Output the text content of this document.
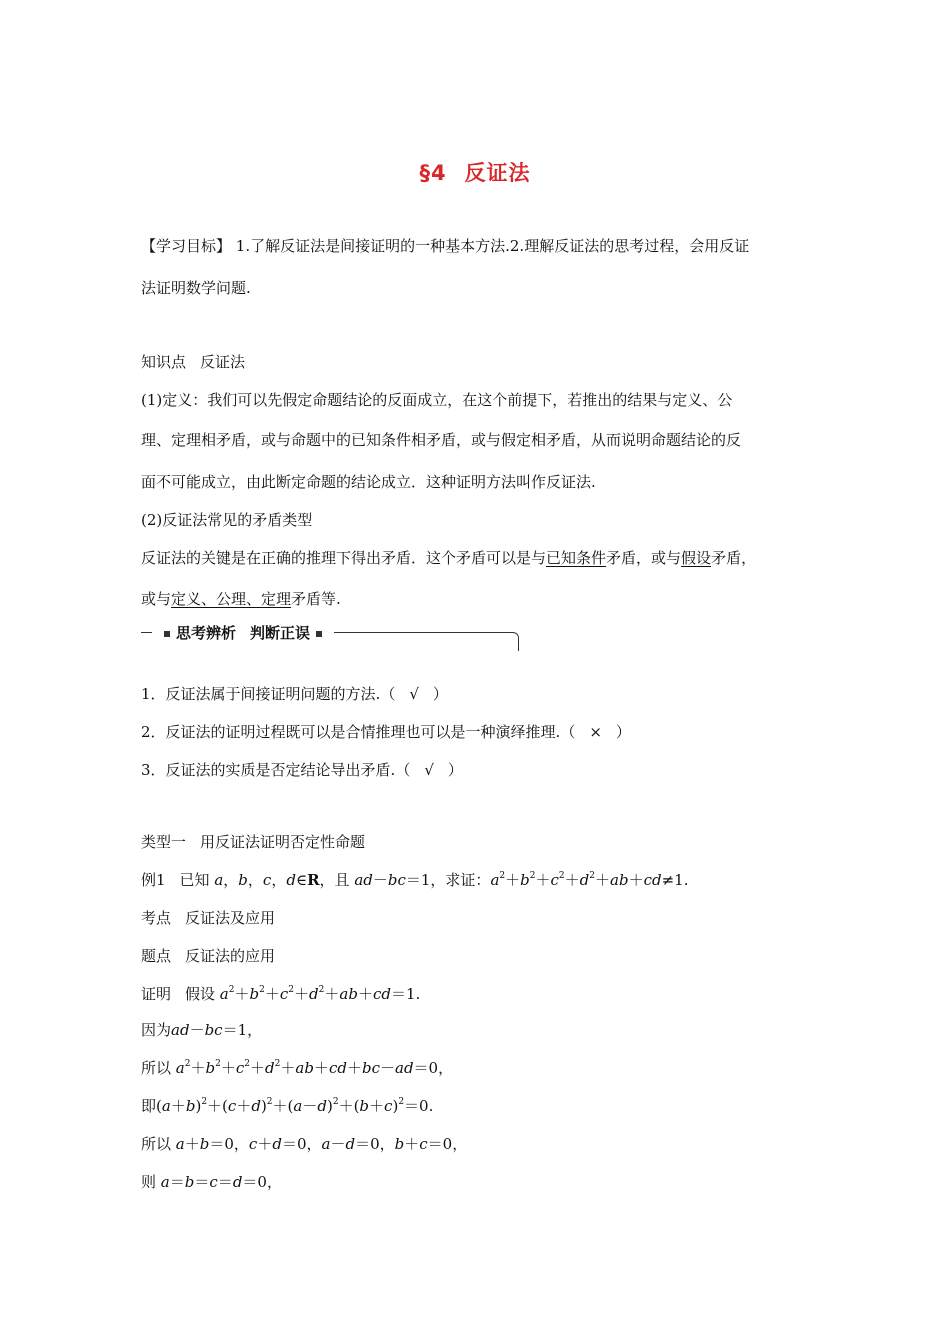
§4 反证法
【学习目标】 1.了解反证法是间接证明的一种基本方法.2.理解反证法的思考过程，会用反证
法证明数学问题.
知识点 反证法
(1)定义：我们可以先假定命题结论的反面成立，在这个前提下，若推出的结果与定义、公
理、定理相矛盾，或与命题中的已知条件相矛盾，或与假定相矛盾，从而说明命题结论的反
面不可能成立，由此断定命题的结论成立．这种证明方法叫作反证法.
(2)反证法常见的矛盾类型
反证法的关键是在正确的推理下得出矛盾．这个矛盾可以是与已知条件矛盾，或与假设矛盾，
或与定义、公理、定理矛盾等.
思考辨析 判断正误
1．反证法属于间接证明问题的方法.（ √ ）
2．反证法的证明过程既可以是合情推理也可以是一种演绎推理.（ × ）
3．反证法的实质是否定结论导出矛盾.（ √ ）
类型一 用反证法证明否定性命题
例1 已知 a，b，c，d∈R，且 ad－bc＝1，求证：$a^2+b^2+c^2+d^2+ab+cd\ne 1$.
考点 反证法及应用
题点 反证法的应用
证明 假设 $a^2+b^2+c^2+d^2+ab+cd=1$.
因为ad－bc＝1，
所以 $a^2+b^2+c^2+d^2+ab+cd+bc-ad=0$，
即$(a+b)^2+(c+d)^2+(a-d)^2+(b+c)^2=0$.
所以 a＋b＝0，c＋d＝0，a－d＝0，b＋c＝0，
则 a＝b＝c＝d＝0，
